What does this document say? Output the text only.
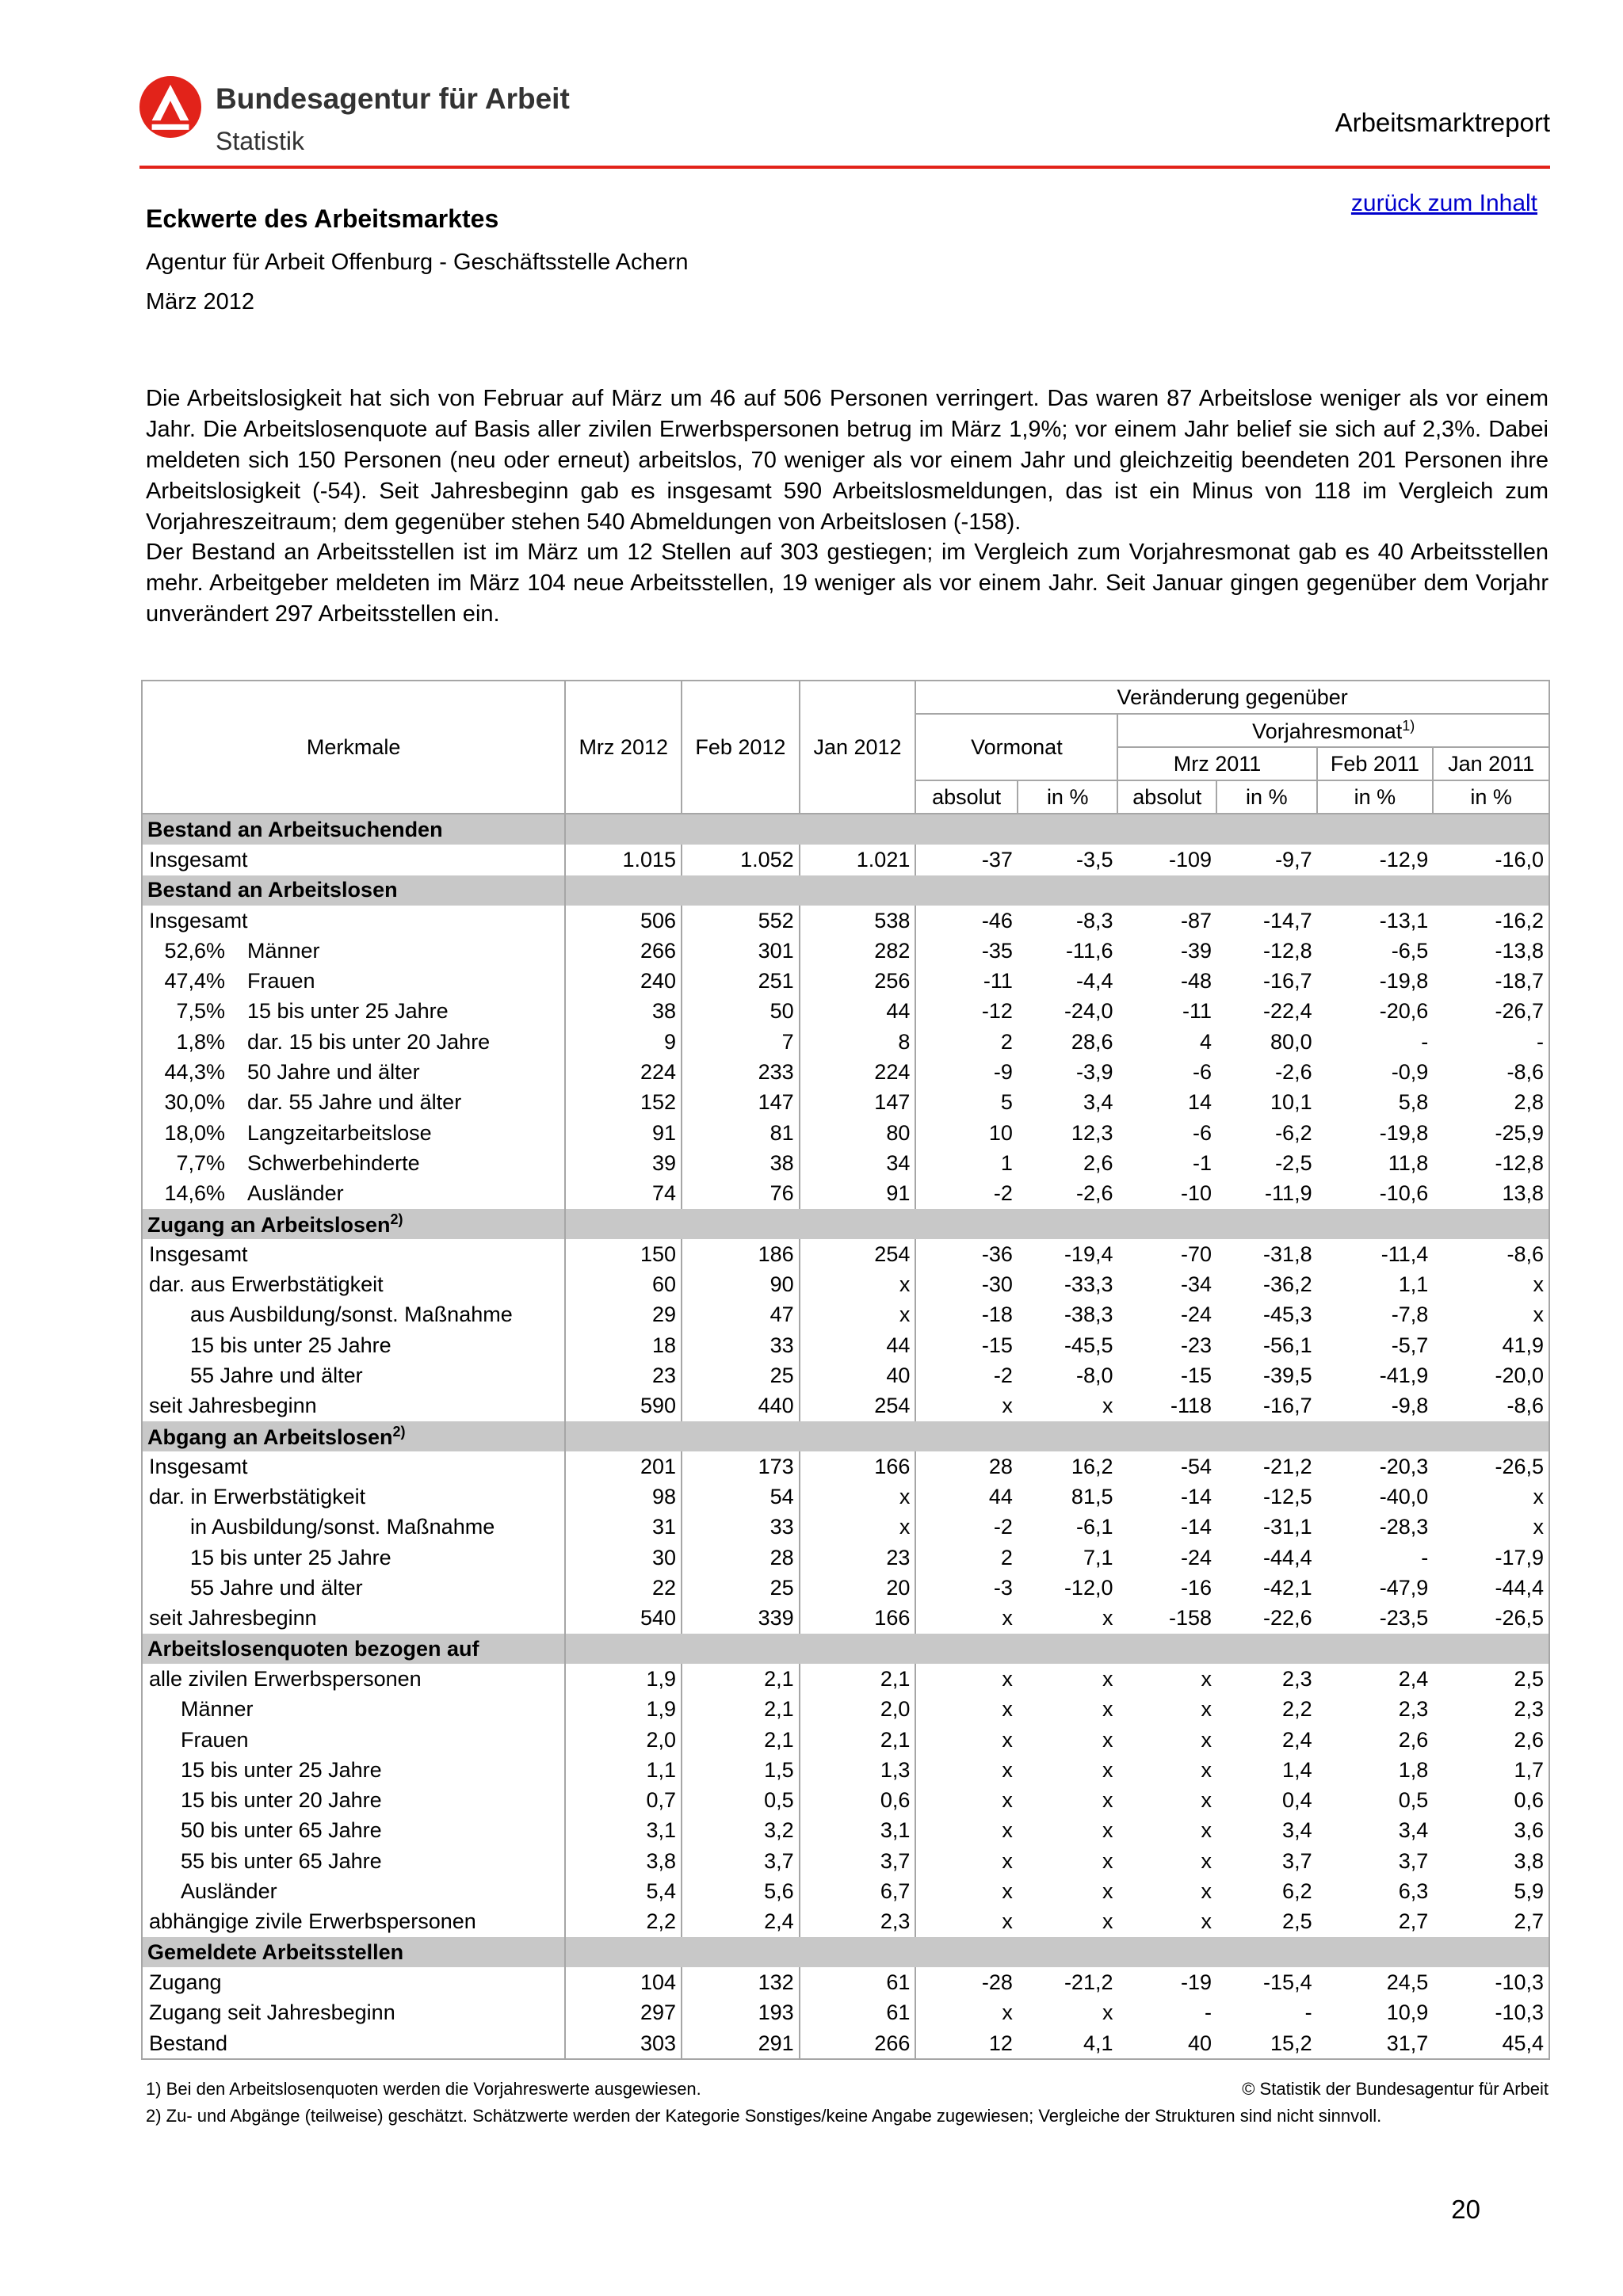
Bundesagentur für Arbeit
Statistik
Arbeitsmarktreport
zurück zum Inhalt
Eckwerte des Arbeitsmarktes
Agentur für Arbeit Offenburg - Geschäftsstelle Achern
März 2012
Die Arbeitslosigkeit hat sich von Februar auf März um 46 auf 506 Personen verringert. Das waren 87 Arbeitslose weniger als vor einem Jahr. Die Arbeitslosenquote auf Basis aller zivilen Erwerbspersonen betrug im März 1,9%; vor einem Jahr belief sie sich auf 2,3%. Dabei meldeten sich 150 Personen (neu oder erneut) arbeitslos, 70 weniger als vor einem Jahr und gleichzeitig beendeten 201 Personen ihre Arbeitslosigkeit (-54). Seit Jahresbeginn gab es insgesamt 590 Arbeitslosmeldungen, das ist ein Minus von 118 im Vergleich zum Vorjahreszeitraum; dem gegenüber stehen 540 Abmeldungen von Arbeitslosen (-158).
Der Bestand an Arbeitsstellen ist im März um 12 Stellen auf 303 gestiegen; im Vergleich zum Vorjahresmonat gab es 40 Arbeitsstellen mehr. Arbeitgeber meldeten im März 104 neue Arbeitsstellen, 19 weniger als vor einem Jahr. Seit Januar gingen gegenüber dem Vorjahr unverändert 297 Arbeitsstellen ein.
Merkmale	Mrz 2012	Feb 2012	Jan 2012	Veränderung gegenüber					
				Vormonat		Vorjahresmonat$^{1)}$
						Mrz 2011		Feb 2011	Jan 2011
				absolut	in %	absolut	in %	in %	in %
Bestand an Arbeitsuchenden									
Insgesamt	1.015	1.052	1.021	-37	-3,5	-109	-9,7	-12,9	-16,0
Bestand an Arbeitslosen									
Insgesamt	506	552	538	-46	-8,3	-87	-14,7	-13,1	-16,2
52,6% Männer	266	301	282	-35	-11,6	-39	-12,8	-6,5	-13,8
47,4% Frauen	240	251	256	-11	-4,4	-48	-16,7	-19,8	-18,7
7,5% 15 bis unter 25 Jahre	38	50	44	-12	-24,0	-11	-22,4	-20,6	-26,7
1,8% dar. 15 bis unter 20 Jahre	9	7	8	2	28,6	4	80,0	-	-
44,3% 50 Jahre und älter	224	233	224	-9	-3,9	-6	-2,6	-0,9	-8,6
30,0% dar. 55 Jahre und älter	152	147	147	5	3,4	14	10,1	5,8	2,8
18,0% Langzeitarbeitslose	91	81	80	10	12,3	-6	-6,2	-19,8	-25,9
7,7% Schwerbehinderte	39	38	34	1	2,6	-1	-2,5	11,8	-12,8
14,6% Ausländer	74	76	91	-2	-2,6	-10	-11,9	-10,6	13,8
Zugang an Arbeitslosen$^{2)}$	
Insgesamt	150	186	254	-36	-19,4	-70	-31,8	-11,4	-8,6
dar. aus Erwerbstätigkeit	60	90	x	-30	-33,3	-34	-36,2	1,1	x
aus Ausbildung/sonst. Maßnahme	29	47	x	-18	-38,3	-24	-45,3	-7,8	x
15 bis unter 25 Jahre	18	33	44	-15	-45,5	-23	-56,1	-5,7	41,9
55 Jahre und älter	23	25	40	-2	-8,0	-15	-39,5	-41,9	-20,0
seit Jahresbeginn	590	440	254	x	x	-118	-16,7	-9,8	-8,6
Abgang an Arbeitslosen$^{2)}$	
Insgesamt	201	173	166	28	16,2	-54	-21,2	-20,3	-26,5
dar. in Erwerbstätigkeit	98	54	x	44	81,5	-14	-12,5	-40,0	x
in Ausbildung/sonst. Maßnahme	31	33	x	-2	-6,1	-14	-31,1	-28,3	x
15 bis unter 25 Jahre	30	28	23	2	7,1	-24	-44,4	-	-17,9
55 Jahre und älter	22	25	20	-3	-12,0	-16	-42,1	-47,9	-44,4
seit Jahresbeginn	540	339	166	x	x	-158	-22,6	-23,5	-26,5
Arbeitslosenquoten bezogen auf									
alle zivilen Erwerbspersonen	1,9	2,1	2,1	x	x	x	2,3	2,4	2,5
Männer	1,9	2,1	2,0	x	x	x	2,2	2,3	2,3
Frauen	2,0	2,1	2,1	x	x	x	2,4	2,6	2,6
15 bis unter 25 Jahre	1,1	1,5	1,3	x	x	x	1,4	1,8	1,7
15 bis unter 20 Jahre	0,7	0,5	0,6	x	x	x	0,4	0,5	0,6
50 bis unter 65 Jahre	3,1	3,2	3,1	x	x	x	3,4	3,4	3,6
55 bis unter 65 Jahre	3,8	3,7	3,7	x	x	x	3,7	3,7	3,8
Ausländer	5,4	5,6	6,7	x	x	x	6,2	6,3	5,9
abhängige zivile Erwerbspersonen	2,2	2,4	2,3	x	x	x	2,5	2,7	2,7
Gemeldete Arbeitsstellen									
Zugang	104	132	61	-28	-21,2	-19	-15,4	24,5	-10,3
Zugang seit Jahresbeginn	297	193	61	x	x	-	-	10,9	-10,3
Bestand	303	291	266	12	4,1	40	15,2	31,7	45,4
1) Bei den Arbeitslosenquoten werden die Vorjahreswerte ausgewiesen.	© Statistik der Bundesagentur für Arbeit
2) Zu- und Abgänge (teilweise) geschätzt. Schätzwerte werden der Kategorie Sonstiges/keine Angabe zugewiesen; Vergleiche der Strukturen sind nicht sinnvoll.
20
